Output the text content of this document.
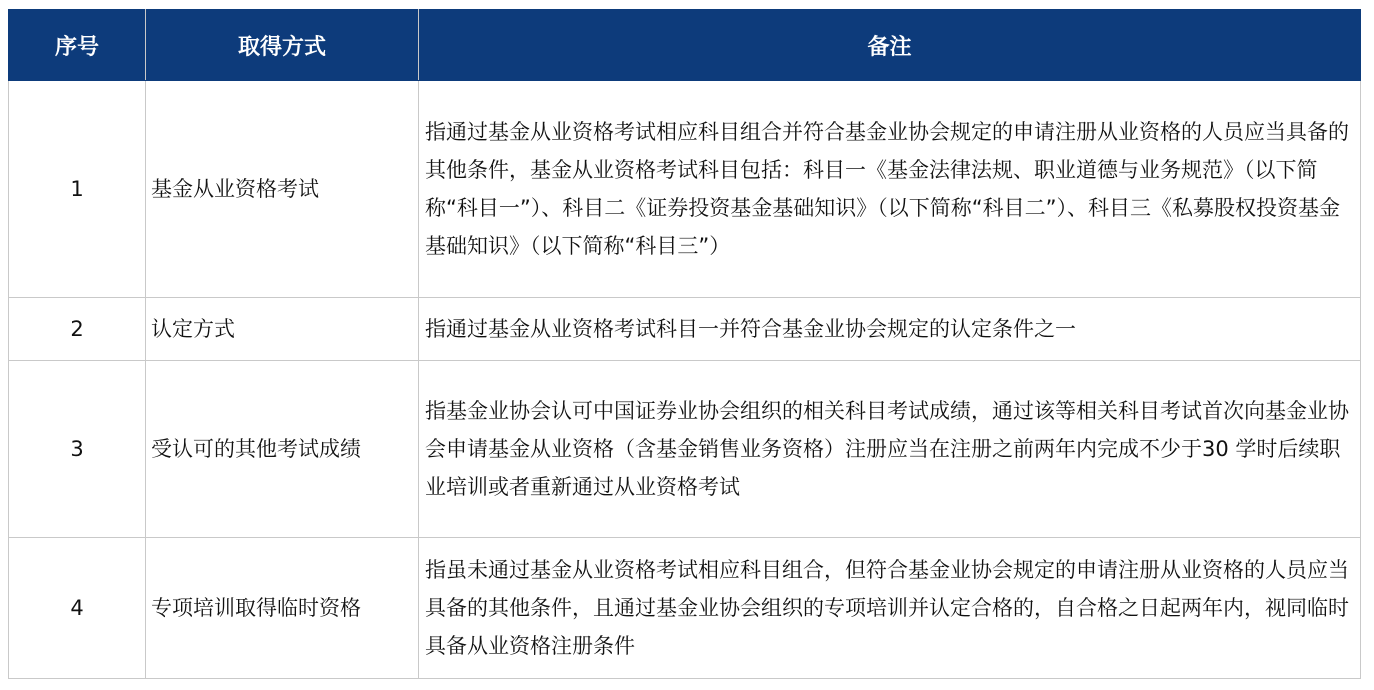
序号	取得方式	备注
1	基金从业资格考试	指通过基金从业资格考试相应科目组合并符合基金业协会规定的申请注册从业资格的人员应当具备的其他条件，基金从业资格考试科目包括：科目一《基金法律法规、职业道德与业务规范》（以下简称“科目一”）、科目二《证券投资基金基础知识》（以下简称“科目二”）、科目三《私募股权投资基金基础知识》（以下简称“科目三”）
2	认定方式	指通过基金从业资格考试科目一并符合基金业协会规定的认定条件之一
3	受认可的其他考试成绩	指基金业协会认可中国证券业协会组织的相关科目考试成绩，通过该等相关科目考试首次向基金业协会申请基金从业资格（含基金销售业务资格）注册应当在注册之前两年内完成不少于30 学时后续职业培训或者重新通过从业资格考试
4	专项培训取得临时资格	指虽未通过基金从业资格考试相应科目组合，但符合基金业协会规定的申请注册从业资格的人员应当具备的其他条件，且通过基金业协会组织的专项培训并认定合格的，自合格之日起两年内，视同临时具备从业资格注册条件
